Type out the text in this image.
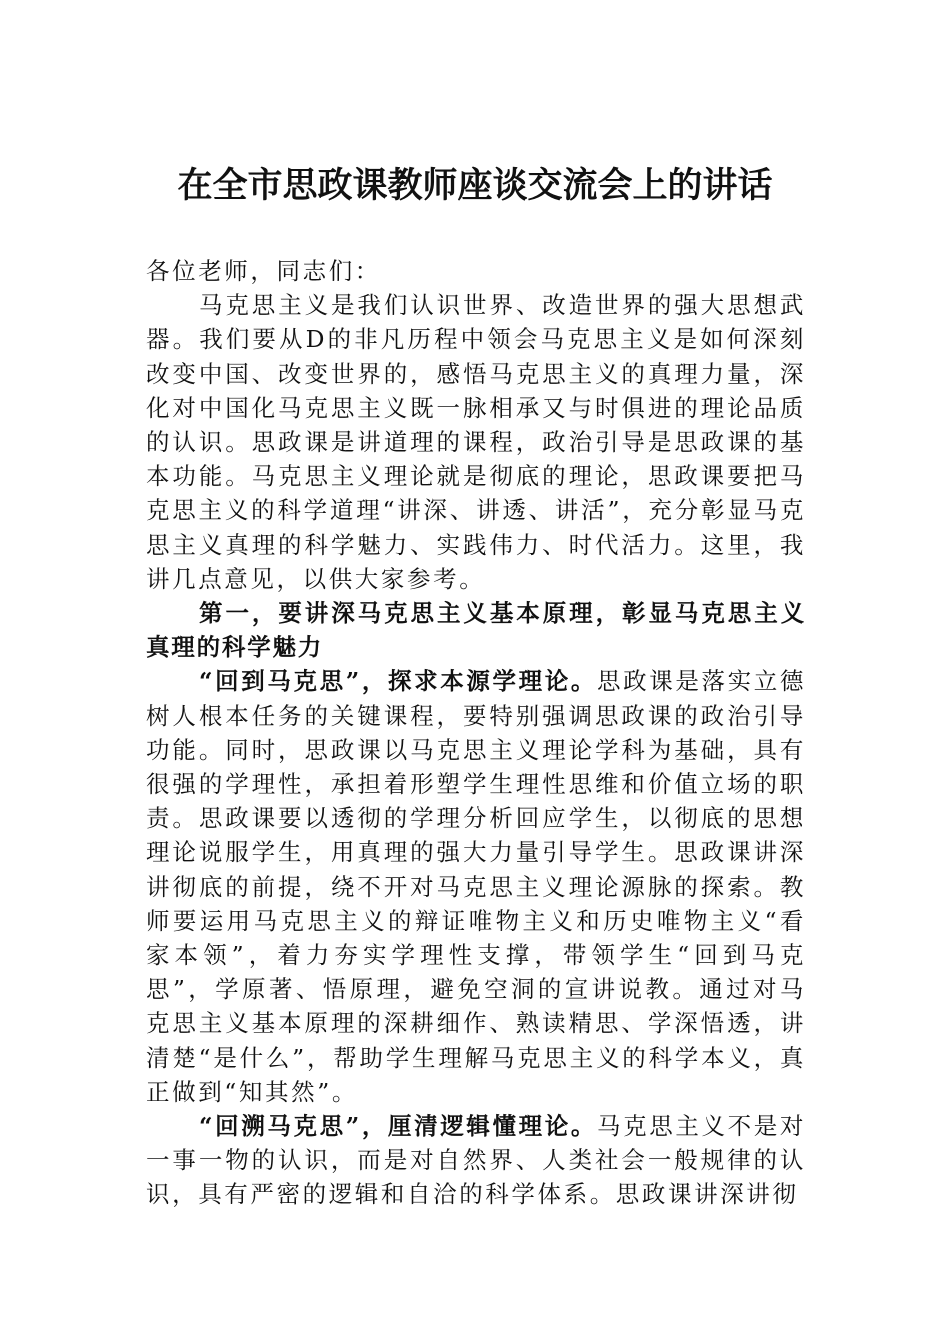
在全市思政课教师座谈交流会上的讲话

各位老师，同志们：

马克思主义是我们认识世界、改造世界的强大思想武器。我们要从D的非凡历程中领会马克思主义是如何深刻改变中国、改变世界的，感悟马克思主义的真理力量，深化对中国化马克思主义既一脉相承又与时俱进的理论品质的认识。思政课是讲道理的课程，政治引导是思政课的基本功能。马克思主义理论就是彻底的理论，思政课要把马克思主义的科学道理“讲深、讲透、讲活”，充分彰显马克思主义真理的科学魅力、实践伟力、时代活力。这里，我讲几点意见，以供大家参考。

第一，要讲深马克思主义基本原理，彰显马克思主义真理的科学魅力

“回到马克思”，探求本源学理论。思政课是落实立德树人根本任务的关键课程，要特别强调思政课的政治引导功能。同时，思政课以马克思主义理论学科为基础，具有很强的学理性，承担着形塑学生理性思维和价值立场的职责。思政课要以透彻的学理分析回应学生，以彻底的思想理论说服学生，用真理的强大力量引导学生。思政课讲深讲彻底的前提，绕不开对马克思主义理论源脉的探索。教师要运用马克思主义的辩证唯物主义和历史唯物主义“看家本领”，着力夯实学理性支撑，带领学生“回到马克思”，学原著、悟原理，避免空洞的宣讲说教。通过对马克思主义基本原理的深耕细作、熟读精思、学深悟透，讲清楚“是什么”，帮助学生理解马克思主义的科学本义，真正做到“知其然”。

“回溯马克思”，厘清逻辑懂理论。马克思主义不是对一事一物的认识，而是对自然界、人类社会一般规律的认识，具有严密的逻辑和自洽的科学体系。思政课讲深讲彻
